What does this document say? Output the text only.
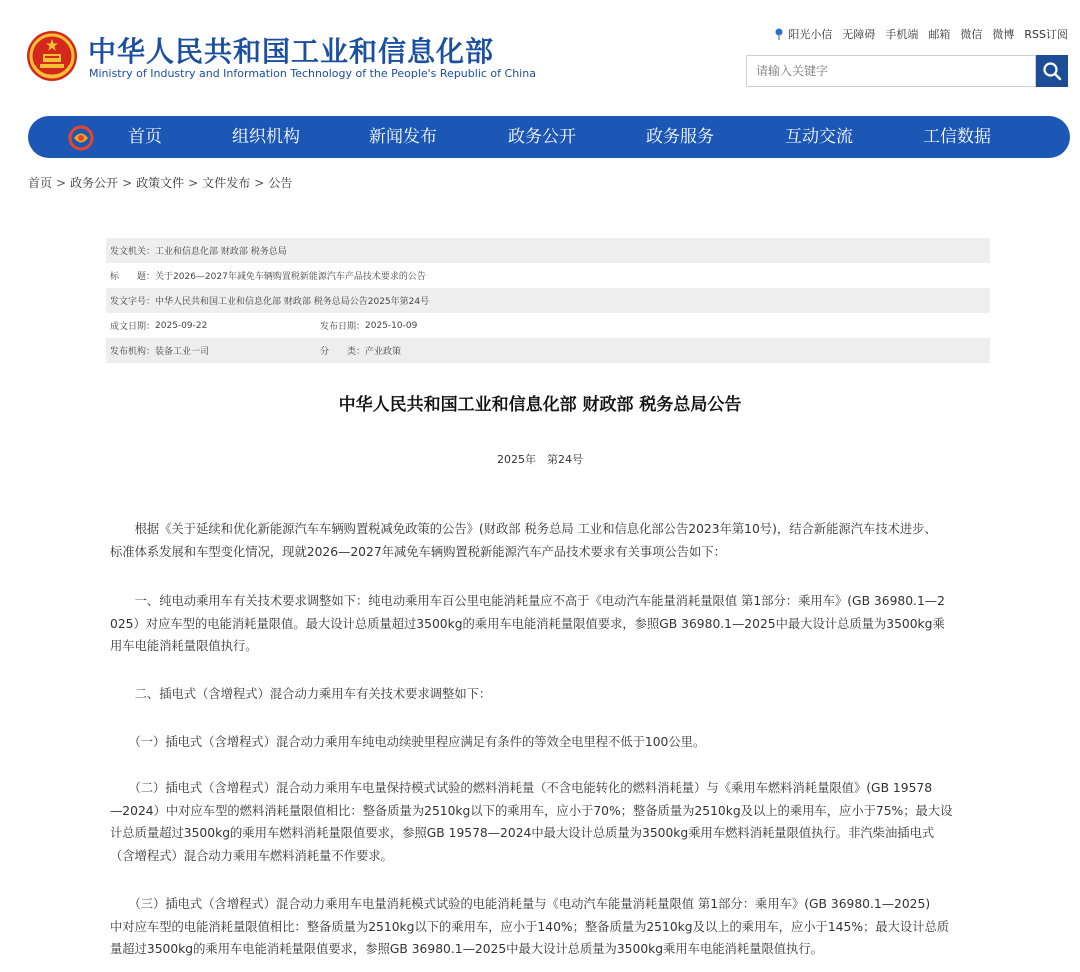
中华人民共和国工业和信息化部
Ministry of Industry and Information Technology of the People's Republic of China
阳光小信 无障碍 手机端 邮箱 微信 微博 RSS订阅
请输入关键字
首页	组织机构	新闻发布	政务公开	政务服务	互动交流	工信数据
首页 > 政务公开 > 政策文件 > 文件发布 > 公告
发文机关： 工业和信息化部 财政部 税务总局
标　　题： 关于2026—2027年减免车辆购置税新能源汽车产品技术要求的公告
发文字号： 中华人民共和国工业和信息化部 财政部 税务总局公告2025年第24号
成文日期： 2025-09-22	发布日期： 2025-10-09
发布机构： 装备工业一司	分　　类： 产业政策
中华人民共和国工业和信息化部 财政部 税务总局公告
2025年　第24号
　　根据《关于延续和优化新能源汽车车辆购置税减免政策的公告》(财政部 税务总局 工业和信息化部公告2023年第10号)，结合新能源汽车技术进步、
标准体系发展和车型变化情况，现就2026—2027年减免车辆购置税新能源汽车产品技术要求有关事项公告如下：
　　一、纯电动乘用车有关技术要求调整如下：纯电动乘用车百公里电能消耗量应不高于《电动汽车能量消耗量限值 第1部分：乘用车》(GB 36980.1—2
025）对应车型的电能消耗量限值。最大设计总质量超过3500kg的乘用车电能消耗量限值要求，参照GB 36980.1—2025中最大设计总质量为3500kg乘
用车电能消耗量限值执行。
　　二、插电式（含增程式）混合动力乘用车有关技术要求调整如下：
　　（一）插电式（含增程式）混合动力乘用车纯电动续驶里程应满足有条件的等效全电里程不低于100公里。
　　（二）插电式（含增程式）混合动力乘用车电量保持模式试验的燃料消耗量（不含电能转化的燃料消耗量）与《乘用车燃料消耗量限值》(GB 19578
—2024）中对应车型的燃料消耗量限值相比：整备质量为2510kg以下的乘用车，应小于70%；整备质量为2510kg及以上的乘用车，应小于75%；最大设
计总质量超过3500kg的乘用车燃料消耗量限值要求，参照GB 19578—2024中最大设计总质量为3500kg乘用车燃料消耗量限值执行。非汽柴油插电式
（含增程式）混合动力乘用车燃料消耗量不作要求。
　　（三）插电式（含增程式）混合动力乘用车电量消耗模式试验的电能消耗量与《电动汽车能量消耗量限值 第1部分：乘用车》(GB 36980.1—2025)
中对应车型的电能消耗量限值相比：整备质量为2510kg以下的乘用车，应小于140%；整备质量为2510kg及以上的乘用车，应小于145%；最大设计总质
量超过3500kg的乘用车电能消耗量限值要求，参照GB 36980.1—2025中最大设计总质量为3500kg乘用车电能消耗量限值执行。
